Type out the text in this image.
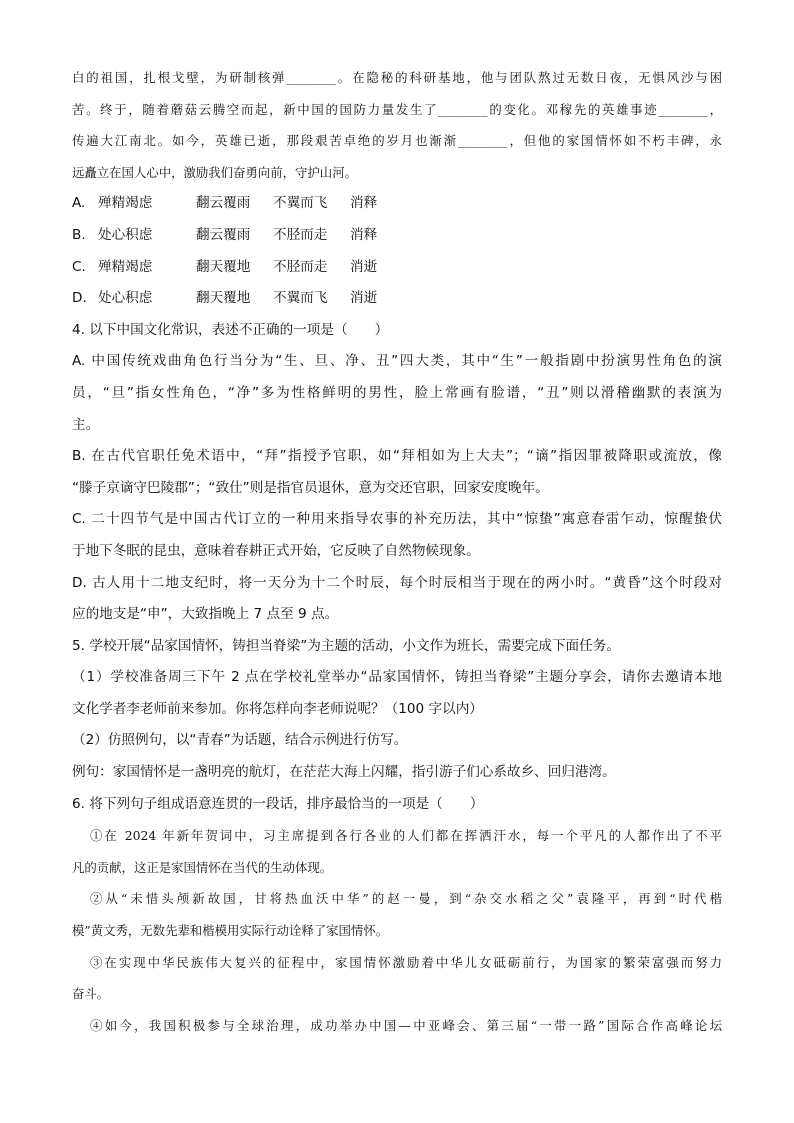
白的祖国，扎根戈壁，为研制核弹________。在隐秘的科研基地，他与团队熬过无数日夜，无惧风沙与困
苦。终于，随着蘑菇云腾空而起，新中国的国防力量发生了________的变化。邓稼先的英雄事迹________，
传遍大江南北。如今，英雄已逝，那段艰苦卓绝的岁月也渐渐________，但他的家国情怀如不朽丰碑，永
远矗立在国人心中，激励我们奋勇向前，守护山河。
A. 殚精竭虑	翻云覆雨 不翼而飞 消释
B. 处心积虑	翻云覆雨 不胫而走 消释
C. 殚精竭虑	翻天覆地 不胫而走 消逝
D. 处心积虑	翻天覆地 不翼而飞 消逝
4. 以下中国文化常识，表述不正确的一项是（　　）
A. 中国传统戏曲角色行当分为“生、旦、净、丑”四大类，其中“生”一般指剧中扮演男性角色的演
员，“旦”指女性角色，“净”多为性格鲜明的男性，脸上常画有脸谱，“丑”则以滑稽幽默的表演为
主。
B. 在古代官职任免术语中，“拜”指授予官职，如“拜相如为上大夫”；“谪”指因罪被降职或流放，像
“滕子京谪守巴陵郡”；“致仕”则是指官员退休，意为交还官职，回家安度晚年。
C. 二十四节气是中国古代订立的一种用来指导农事的补充历法，其中“惊蛰”寓意春雷乍动，惊醒蛰伏
于地下冬眠的昆虫，意味着春耕正式开始，它反映了自然物候现象。
D. 古人用十二地支纪时，将一天分为十二个时辰，每个时辰相当于现在的两小时。“黄昏”这个时段对
应的地支是“申”，大致指晚上 7 点至 9 点。
5. 学校开展“品家国情怀，铸担当脊梁”为主题的活动，小文作为班长，需要完成下面任务。
（1）学校准备周三下午 2 点在学校礼堂举办“品家国情怀，铸担当脊梁”主题分享会，请你去邀请本地
文化学者李老师前来参加。你将怎样向李老师说呢？（100 字以内）
（2）仿照例句，以“青春”为话题，结合示例进行仿写。
例句：家国情怀是一盏明亮的航灯，在茫茫大海上闪耀，指引游子们心系故乡、回归港湾。
6. 将下列句子组成语意连贯的一段话，排序最恰当的一项是（　　）
①在 2024 年新年贺词中，习主席提到各行各业的人们都在挥洒汗水，每一个平凡的人都作出了不平
凡的贡献，这正是家国情怀在当代的生动体现。
②从“未惜头颅新故国，甘将热血沃中华”的赵一曼，到“杂交水稻之父”袁隆平，再到“时代楷
模”黄文秀，无数先辈和楷模用实际行动诠释了家国情怀。
③在实现中华民族伟大复兴的征程中，家国情怀激励着中华儿女砥砺前行，为国家的繁荣富强而努力
奋斗。
④如今，我国积极参与全球治理，成功举办中国—中亚峰会、第三届“一带一路”国际合作高峰论坛
